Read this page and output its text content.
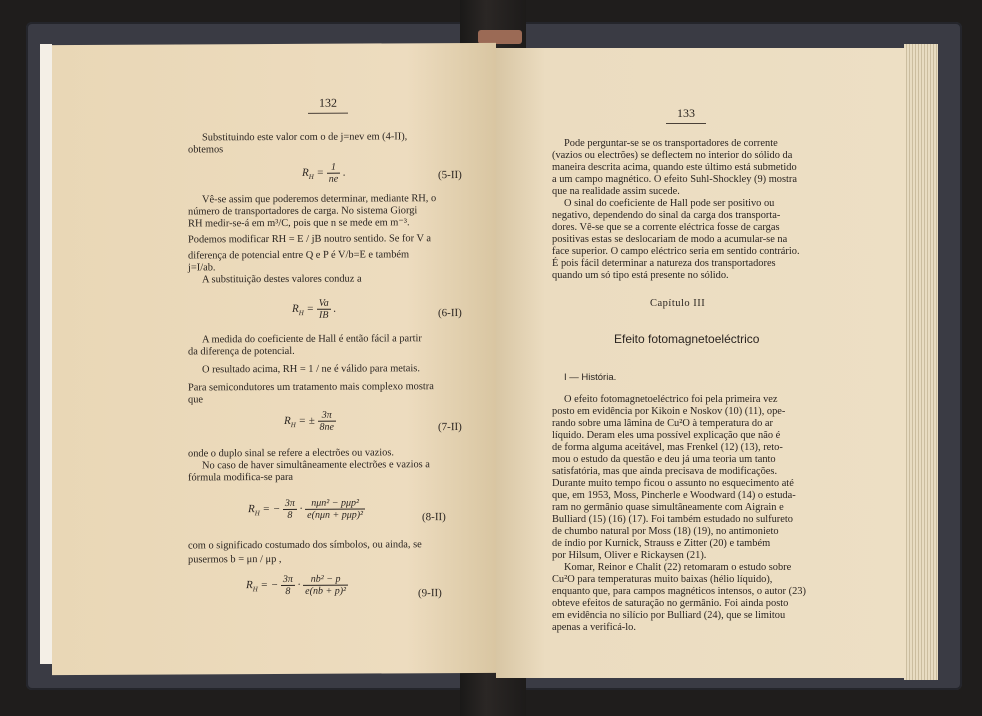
132
Substituindo este valor com o de j=nev em (4-II),
obtemos
$R_H = \frac{1}{ne}$ .	(5-II)
Vê-se assim que poderemos determinar, mediante RH, o
número de transportadores de carga. No sistema Giorgi
RH medir-se-á em m³/C, pois que n se mede em m⁻³.
Podemos modificar RH = E / jB noutro sentido. Se for V a
diferença de potencial entre Q e P é V/b=E e também
j=I/ab.
A substituição destes valores conduz a
$R_H = \frac{Va}{IB}$ .	(6-II)
A medida do coeficiente de Hall é então fácil a partir
da diferença de potencial.
O resultado acima, RH = 1 / ne é válido para metais.
Para semicondutores um tratamento mais complexo mostra
que
$R_H$ = ± $\frac{3\pi}{8ne}$	(7-II)
onde o duplo sinal se refere a electrões ou vazios.
No caso de haver simultâneamente electrões e vazios a
fórmula modifica-se para
$R_H$ = − $\frac{3\pi}{8} \cdot \frac{\text{nμn² − pμp²}}{\text{e(nμn + pμp)²}}$	(8-II)
com o significado costumado dos símbolos, ou ainda, se
pusermos b = μn / μp ,
$R_H$ = − $\frac{3\pi}{8} \cdot \frac{\text{nb² − p}}{\text{e(nb + p)²}}$	(9-II)
133
Pode perguntar-se se os transportadores de corrente
(vazios ou electrões) se deflectem no interior do sólido da
maneira descrita acima, quando este último está submetido
a um campo magnético. O efeito Suhl-Shockley (9) mostra
que na realidade assim sucede.
O sinal do coeficiente de Hall pode ser positivo ou
negativo, dependendo do sinal da carga dos transporta-
dores. Vê-se que se a corrente eléctrica fosse de cargas
positivas estas se deslocariam de modo a acumular-se na
face superior. O campo eléctrico seria em sentido contrário.
É pois fácil determinar a natureza dos transportadores
quando um só tipo está presente no sólido.
Capítulo III
Efeito fotomagnetoeléctrico
I — História.
O efeito fotomagnetoeléctrico foi pela primeira vez
posto em evidência por Kikoin e Noskov (10) (11), ope-
rando sobre uma lâmina de Cu²O à temperatura do ar
líquido. Deram eles uma possível explicação que não é
de forma alguma aceitável, mas Frenkel (12) (13), reto-
mou o estudo da questão e deu já uma teoria um tanto
satisfatória, mas que ainda precisava de modificações.
Durante muito tempo ficou o assunto no esquecimento até
que, em 1953, Moss, Pincherle e Woodward (14) o estuda-
ram no germânio quase simultâneamente com Aigrain e
Bulliard (15) (16) (17). Foi também estudado no sulfureto
de chumbo natural por Moss (18) (19), no antimonieto
de índio por Kurnick, Strauss e Zitter (20) e também
por Hilsum, Oliver e Rickaysen (21).
Komar, Reinor e Chalit (22) retomaram o estudo sobre
Cu²O para temperaturas muito baixas (hélio líquido),
enquanto que, para campos magnéticos intensos, o autor (23)
obteve efeitos de saturação no germânio. Foi ainda posto
em evidência no silício por Bulliard (24), que se limitou
apenas a verificá-lo.
